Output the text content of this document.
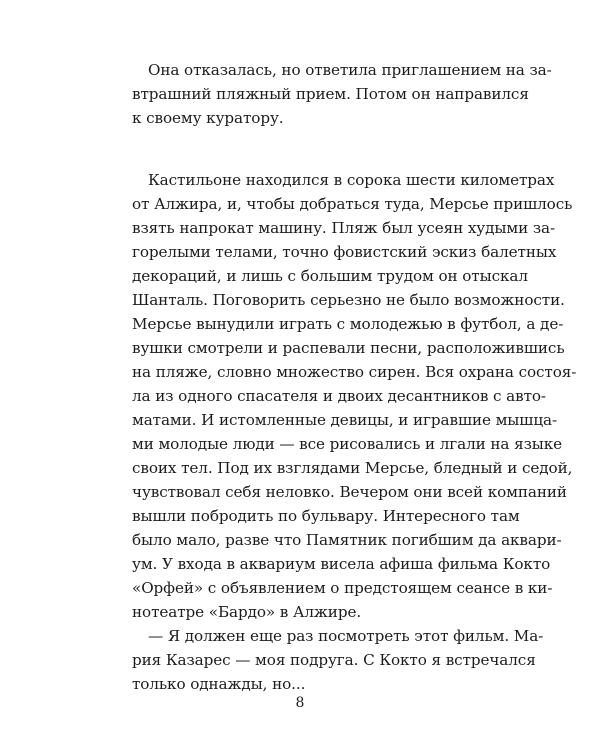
Она отказалась, но ответила приглашением на за-
втрашний пляжный прием. Потом он направился
к своему куратору.
Кастильоне находился в сорока шести километрах
от Алжира, и, чтобы добраться туда, Мерсье пришлось
взять напрокат машину. Пляж был усеян худыми за-
горелыми телами, точно фовистский эскиз балетных
декораций, и лишь с большим трудом он отыскал
Шанталь. Поговорить серьезно не было возможности.
Мерсье вынудили играть с молодежью в футбол, а де-
вушки смотрели и распевали песни, расположившись
на пляже, словно множество сирен. Вся охрана состоя-
ла из одного спасателя и двоих десантников с авто-
матами. И истомленные девицы, и игравшие мышца-
ми молодые люди — все рисовались и лгали на языке
своих тел. Под их взглядами Мерсье, бледный и седой,
чувствовал себя неловко. Вечером они всей компаний
вышли побродить по бульвару. Интересного там
было мало, разве что Памятник погибшим да аквари-
ум. У входа в аквариум висела афиша фильма Кокто
«Орфей» с объявлением о предстоящем сеансе в ки-
нотеатре «Бардо» в Алжире.
— Я должен еще раз посмотреть этот фильм. Ма-
рия Казарес — моя подруга. С Кокто я встречался
только однажды, но...
8
